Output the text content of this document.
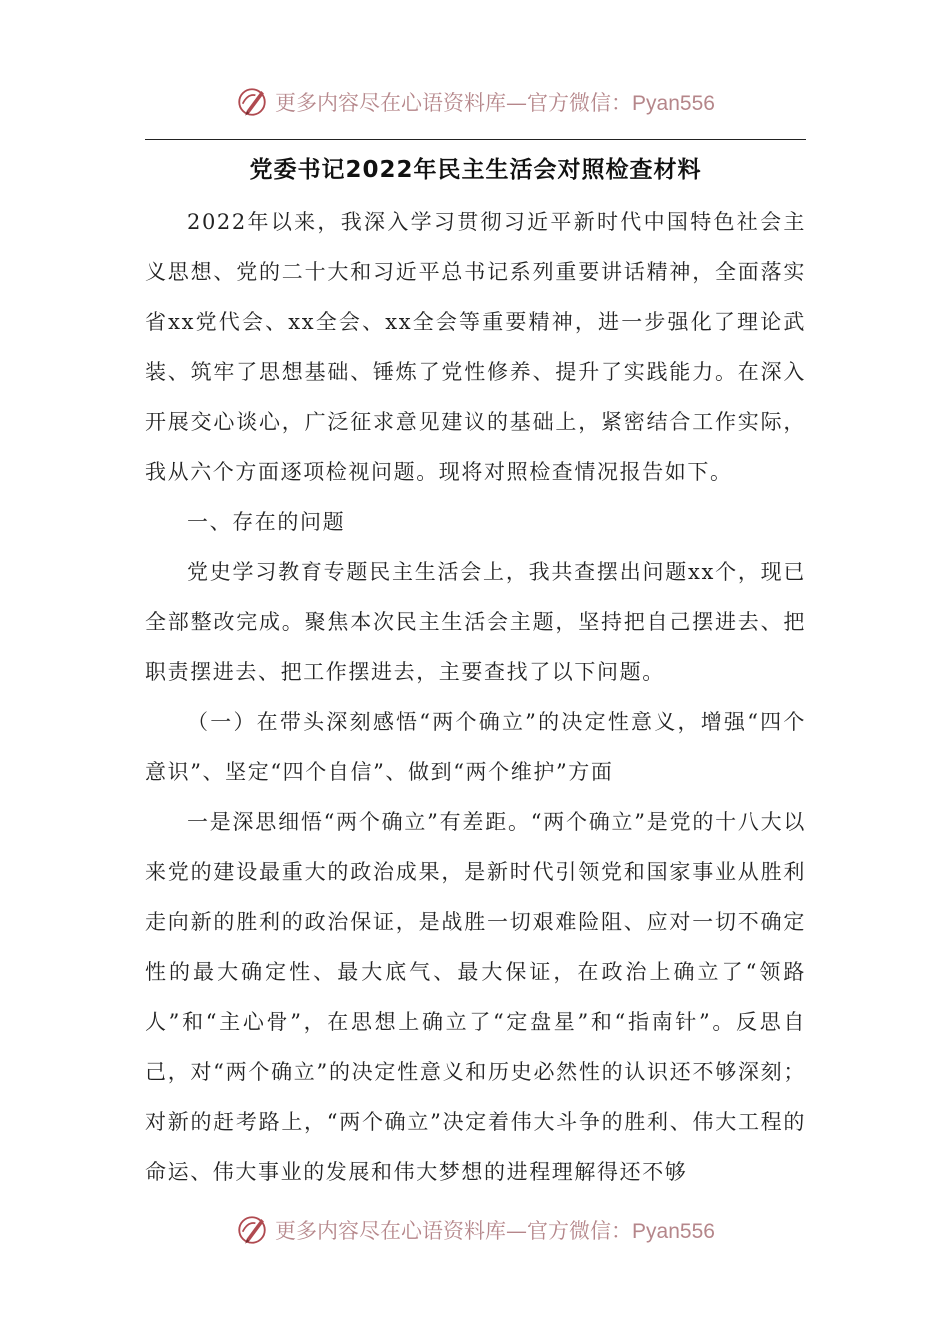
更多内容尽在心语资料库—官方微信：Pyan556
党委书记2022年民主生活会对照检查材料

2022年以来，我深入学习贯彻习近平新时代中国特色社会主义思想、党的二十大和习近平总书记系列重要讲话精神，全面落实省xx党代会、xx全会、xx全会等重要精神，进一步强化了理论武装、筑牢了思想基础、锤炼了党性修养、提升了实践能力。在深入开展交心谈心，广泛征求意见建议的基础上，紧密结合工作实际，我从六个方面逐项检视问题。现将对照检查情况报告如下。

一、存在的问题

党史学习教育专题民主生活会上，我共查摆出问题xx个，现已全部整改完成。聚焦本次民主生活会主题，坚持把自己摆进去、把职责摆进去、把工作摆进去，主要查找了以下问题。

（一）在带头深刻感悟“两个确立”的决定性意义，增强“四个意识”、坚定“四个自信”、做到“两个维护”方面

一是深思细悟“两个确立”有差距。“两个确立”是党的十八大以来党的建设最重大的政治成果，是新时代引领党和国家事业从胜利走向新的胜利的政治保证，是战胜一切艰难险阻、应对一切不确定性的最大确定性、最大底气、最大保证，在政治上确立了“领路人”和“主心骨”，在思想上确立了“定盘星”和“指南针”。反思自己，对“两个确立”的决定性意义和历史必然性的认识还不够深刻；对新的赶考路上，“两个确立”决定着伟大斗争的胜利、伟大工程的命运、伟大事业的发展和伟大梦想的进程理解得还不够

更多内容尽在心语资料库—官方微信：Pyan556
